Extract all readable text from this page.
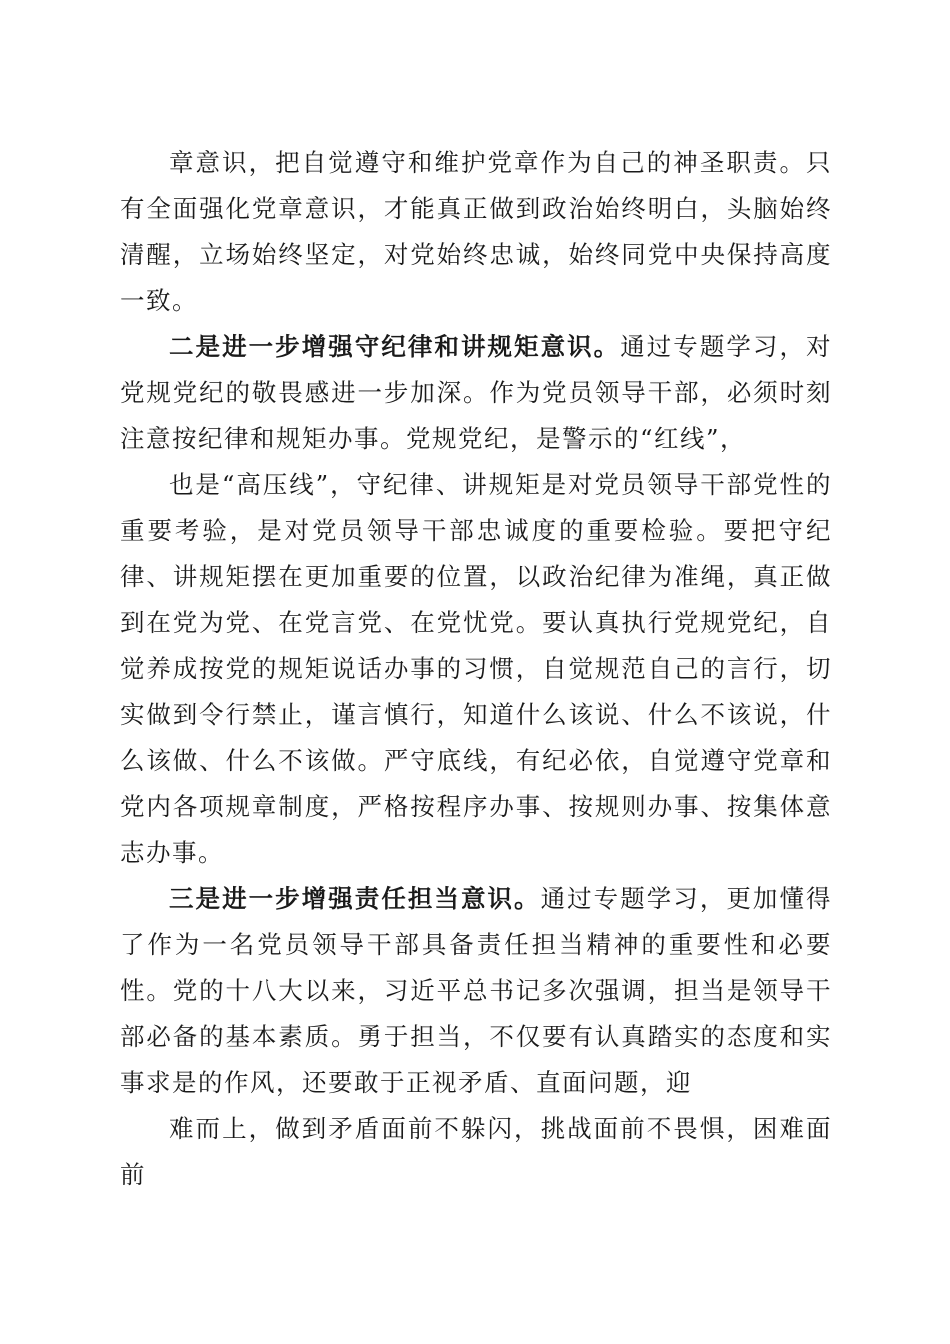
章意识，把自觉遵守和维护党章作为自己的神圣职责。只有全面强化党章意识，才能真正做到政治始终明白，头脑始终清醒，立场始终坚定，对党始终忠诚，始终同党中央保持高度一致。

二是进一步增强守纪律和讲规矩意识。通过专题学习，对党规党纪的敬畏感进一步加深。作为党员领导干部，必须时刻注意按纪律和规矩办事。党规党纪，是警示的“红线”，

也是“高压线”，守纪律、讲规矩是对党员领导干部党性的重要考验，是对党员领导干部忠诚度的重要检验。要把守纪律、讲规矩摆在更加重要的位置，以政治纪律为准绳，真正做到在党为党、在党言党、在党忧党。要认真执行党规党纪，自觉养成按党的规矩说话办事的习惯，自觉规范自己的言行，切实做到令行禁止，谨言慎行，知道什么该说、什么不该说，什么该做、什么不该做。严守底线，有纪必依，自觉遵守党章和党内各项规章制度，严格按程序办事、按规则办事、按集体意志办事。

三是进一步增强责任担当意识。通过专题学习，更加懂得了作为一名党员领导干部具备责任担当精神的重要性和必要性。党的十八大以来，习近平总书记多次强调，担当是领导干部必备的基本素质。勇于担当，不仅要有认真踏实的态度和实事求是的作风，还要敢于正视矛盾、直面问题，迎

难而上，做到矛盾面前不躲闪，挑战面前不畏惧，困难面前
